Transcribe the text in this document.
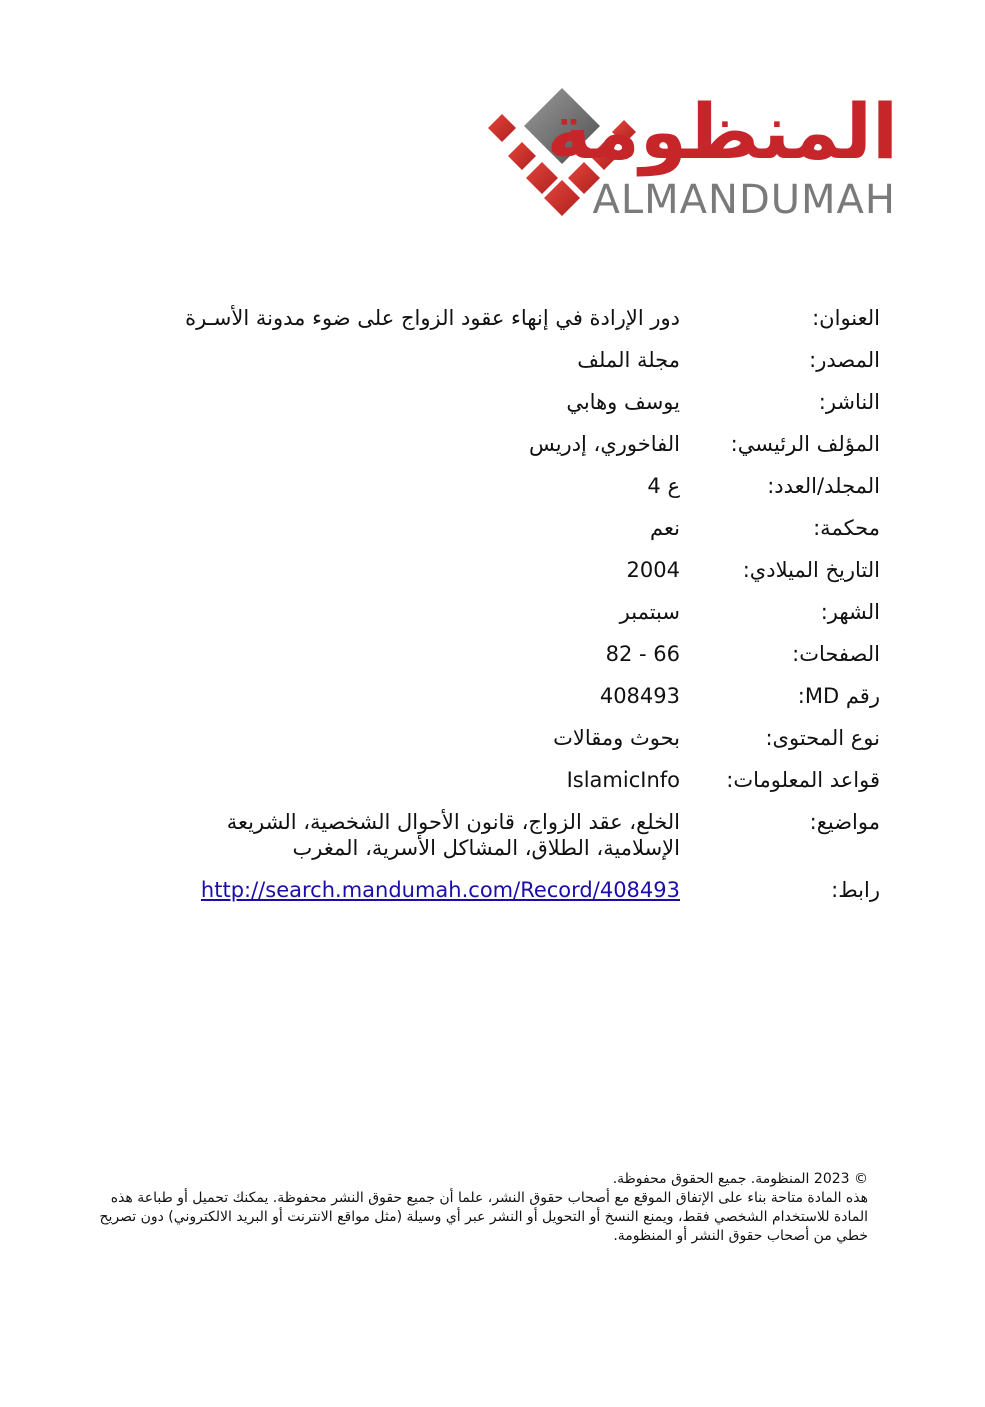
المنظومة
ALMANDUMAH
العنوان:
دور الإرادة في إنهاء عقود الزواج على ضوء مدونة الأسـرة
المصدر:
مجلة الملف
الناشر:
يوسف وهابي
المؤلف الرئيسي:
الفاخوري، إدريس
المجلد/العدد:
ع 4
محكمة:
نعم
التاريخ الميلادي:
2004
الشهر:
سبتمبر
الصفحات:
66 - 82
رقم MD:
408493
نوع المحتوى:
بحوث ومقالات
قواعد المعلومات:
IslamicInfo
مواضيع:
الخلع، عقد الزواج، قانون الأحوال الشخصية، الشريعة الإسلامية، الطلاق، المشاكل الأسرية، المغرب
رابط:
http://search.mandumah.com/Record/408493

© 2023 المنظومة. جميع الحقوق محفوظة.

هذه المادة متاحة بناء على الإتفاق الموقع مع أصحاب حقوق النشر، علما أن جميع حقوق النشر محفوظة. يمكنك تحميل أو طباعة هذه المادة للاستخدام الشخصي فقط، ويمنع النسخ أو التحويل أو النشر عبر أي وسيلة (مثل مواقع الانترنت أو البريد الالكتروني) دون تصريح خطي من أصحاب حقوق النشر أو المنظومة.
